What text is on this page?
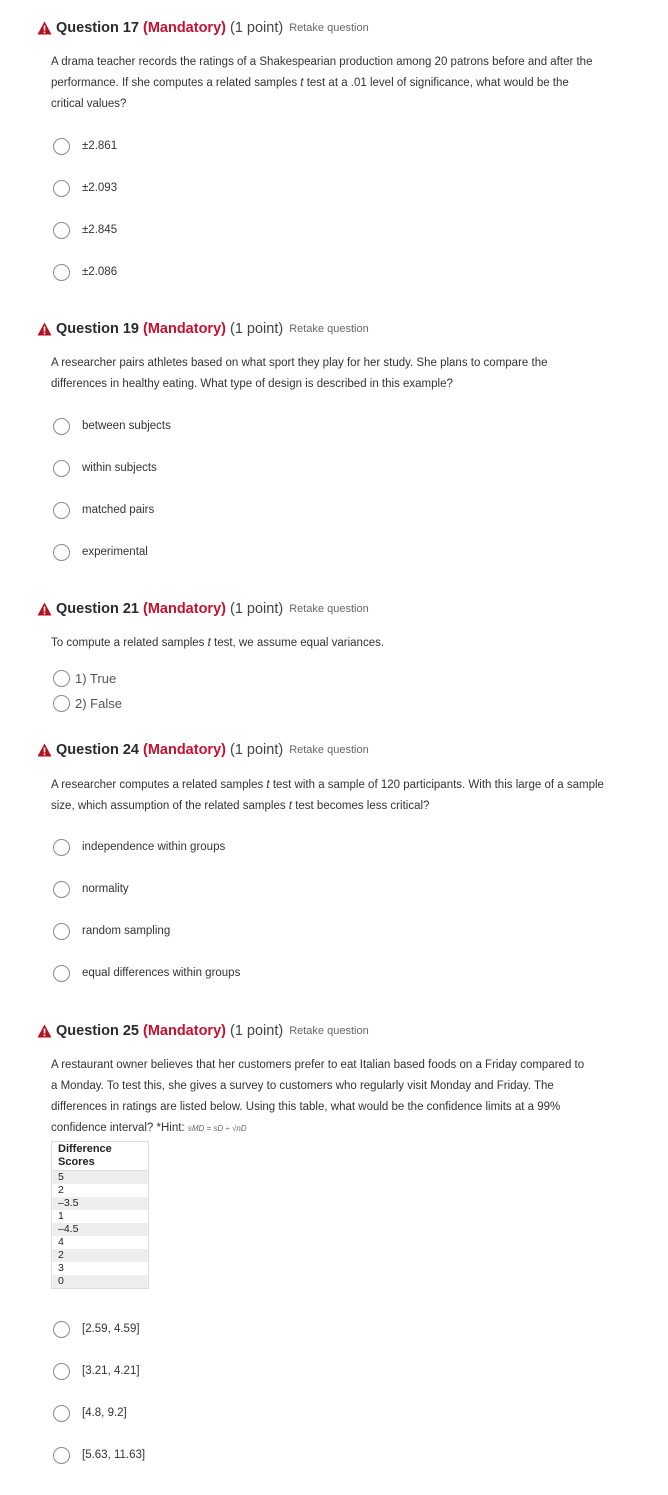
Question 17 (Mandatory) (1 point) Retake question
A drama teacher records the ratings of a Shakespearian production among 20 patrons before and after the performance. If she computes a related samples t test at a .01 level of significance, what would be the critical values?
±2.861
±2.093
±2.845
±2.086
Question 19 (Mandatory) (1 point) Retake question
A researcher pairs athletes based on what sport they play for her study. She plans to compare the differences in healthy eating. What type of design is described in this example?
between subjects
within subjects
matched pairs
experimental
Question 21 (Mandatory) (1 point) Retake question
To compute a related samples t test, we assume equal variances.
1) True
2) False
Question 24 (Mandatory) (1 point) Retake question
A researcher computes a related samples t test with a sample of 120 participants. With this large of a sample size, which assumption of the related samples t test becomes less critical?
independence within groups
normality
random sampling
equal differences within groups
Question 25 (Mandatory) (1 point) Retake question
A restaurant owner believes that her customers prefer to eat Italian based foods on a Friday compared to a Monday. To test this, she gives a survey to customers who regularly visit Monday and Friday. The differences in ratings are listed below. Using this table, what would be the confidence limits at a 99% confidence interval? *Hint: sMD = sD ÷ √nD
Difference Scores
5
2
–3.5
1
–4.5
4
2
3
0
[2.59, 4.59]
[3.21, 4.21]
[4.8, 9.2]
[5.63, 11.63]
